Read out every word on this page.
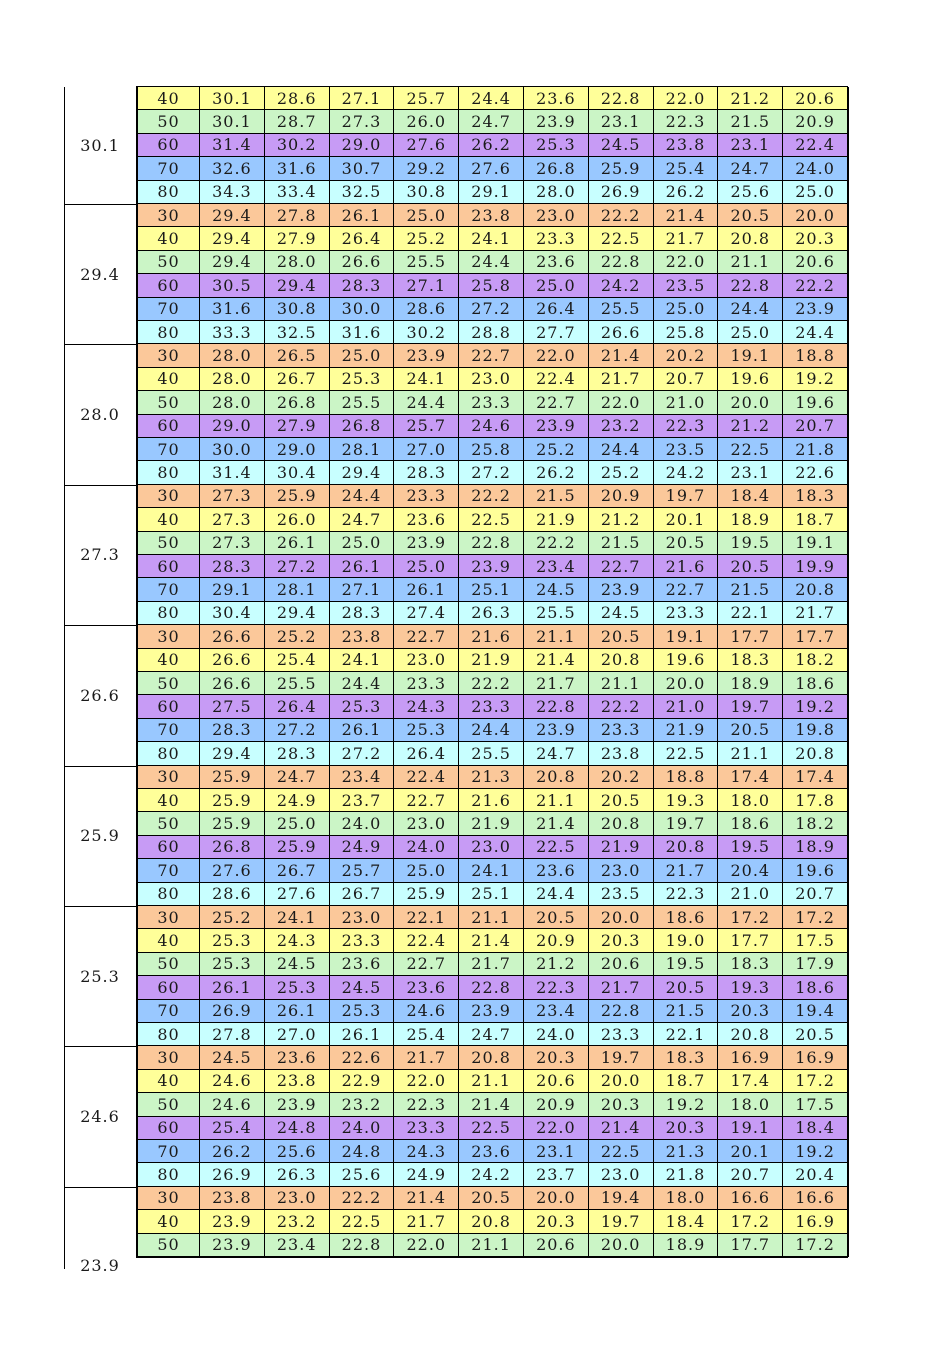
30.1
40	30.1	28.6	27.1	25.7	24.4	23.6	22.8	22.0	21.2	20.6
50	30.1	28.7	27.3	26.0	24.7	23.9	23.1	22.3	21.5	20.9
60	31.4	30.2	29.0	27.6	26.2	25.3	24.5	23.8	23.1	22.4
70	32.6	31.6	30.7	29.2	27.6	26.8	25.9	25.4	24.7	24.0
80	34.3	33.4	32.5	30.8	29.1	28.0	26.9	26.2	25.6	25.0
29.4
30	29.4	27.8	26.1	25.0	23.8	23.0	22.2	21.4	20.5	20.0
40	29.4	27.9	26.4	25.2	24.1	23.3	22.5	21.7	20.8	20.3
50	29.4	28.0	26.6	25.5	24.4	23.6	22.8	22.0	21.1	20.6
60	30.5	29.4	28.3	27.1	25.8	25.0	24.2	23.5	22.8	22.2
70	31.6	30.8	30.0	28.6	27.2	26.4	25.5	25.0	24.4	23.9
80	33.3	32.5	31.6	30.2	28.8	27.7	26.6	25.8	25.0	24.4
28.0
30	28.0	26.5	25.0	23.9	22.7	22.0	21.4	20.2	19.1	18.8
40	28.0	26.7	25.3	24.1	23.0	22.4	21.7	20.7	19.6	19.2
50	28.0	26.8	25.5	24.4	23.3	22.7	22.0	21.0	20.0	19.6
60	29.0	27.9	26.8	25.7	24.6	23.9	23.2	22.3	21.2	20.7
70	30.0	29.0	28.1	27.0	25.8	25.2	24.4	23.5	22.5	21.8
80	31.4	30.4	29.4	28.3	27.2	26.2	25.2	24.2	23.1	22.6
27.3
30	27.3	25.9	24.4	23.3	22.2	21.5	20.9	19.7	18.4	18.3
40	27.3	26.0	24.7	23.6	22.5	21.9	21.2	20.1	18.9	18.7
50	27.3	26.1	25.0	23.9	22.8	22.2	21.5	20.5	19.5	19.1
60	28.3	27.2	26.1	25.0	23.9	23.4	22.7	21.6	20.5	19.9
70	29.1	28.1	27.1	26.1	25.1	24.5	23.9	22.7	21.5	20.8
80	30.4	29.4	28.3	27.4	26.3	25.5	24.5	23.3	22.1	21.7
26.6
30	26.6	25.2	23.8	22.7	21.6	21.1	20.5	19.1	17.7	17.7
40	26.6	25.4	24.1	23.0	21.9	21.4	20.8	19.6	18.3	18.2
50	26.6	25.5	24.4	23.3	22.2	21.7	21.1	20.0	18.9	18.6
60	27.5	26.4	25.3	24.3	23.3	22.8	22.2	21.0	19.7	19.2
70	28.3	27.2	26.1	25.3	24.4	23.9	23.3	21.9	20.5	19.8
80	29.4	28.3	27.2	26.4	25.5	24.7	23.8	22.5	21.1	20.8
25.9
30	25.9	24.7	23.4	22.4	21.3	20.8	20.2	18.8	17.4	17.4
40	25.9	24.9	23.7	22.7	21.6	21.1	20.5	19.3	18.0	17.8
50	25.9	25.0	24.0	23.0	21.9	21.4	20.8	19.7	18.6	18.2
60	26.8	25.9	24.9	24.0	23.0	22.5	21.9	20.8	19.5	18.9
70	27.6	26.7	25.7	25.0	24.1	23.6	23.0	21.7	20.4	19.6
80	28.6	27.6	26.7	25.9	25.1	24.4	23.5	22.3	21.0	20.7
25.3
30	25.2	24.1	23.0	22.1	21.1	20.5	20.0	18.6	17.2	17.2
40	25.3	24.3	23.3	22.4	21.4	20.9	20.3	19.0	17.7	17.5
50	25.3	24.5	23.6	22.7	21.7	21.2	20.6	19.5	18.3	17.9
60	26.1	25.3	24.5	23.6	22.8	22.3	21.7	20.5	19.3	18.6
70	26.9	26.1	25.3	24.6	23.9	23.4	22.8	21.5	20.3	19.4
80	27.8	27.0	26.1	25.4	24.7	24.0	23.3	22.1	20.8	20.5
24.6
30	24.5	23.6	22.6	21.7	20.8	20.3	19.7	18.3	16.9	16.9
40	24.6	23.8	22.9	22.0	21.1	20.6	20.0	18.7	17.4	17.2
50	24.6	23.9	23.2	22.3	21.4	20.9	20.3	19.2	18.0	17.5
60	25.4	24.8	24.0	23.3	22.5	22.0	21.4	20.3	19.1	18.4
70	26.2	25.6	24.8	24.3	23.6	23.1	22.5	21.3	20.1	19.2
80	26.9	26.3	25.6	24.9	24.2	23.7	23.0	21.8	20.7	20.4
23.9
30	23.8	23.0	22.2	21.4	20.5	20.0	19.4	18.0	16.6	16.6
40	23.9	23.2	22.5	21.7	20.8	20.3	19.7	18.4	17.2	16.9
50	23.9	23.4	22.8	22.0	21.1	20.6	20.0	18.9	17.7	17.2
